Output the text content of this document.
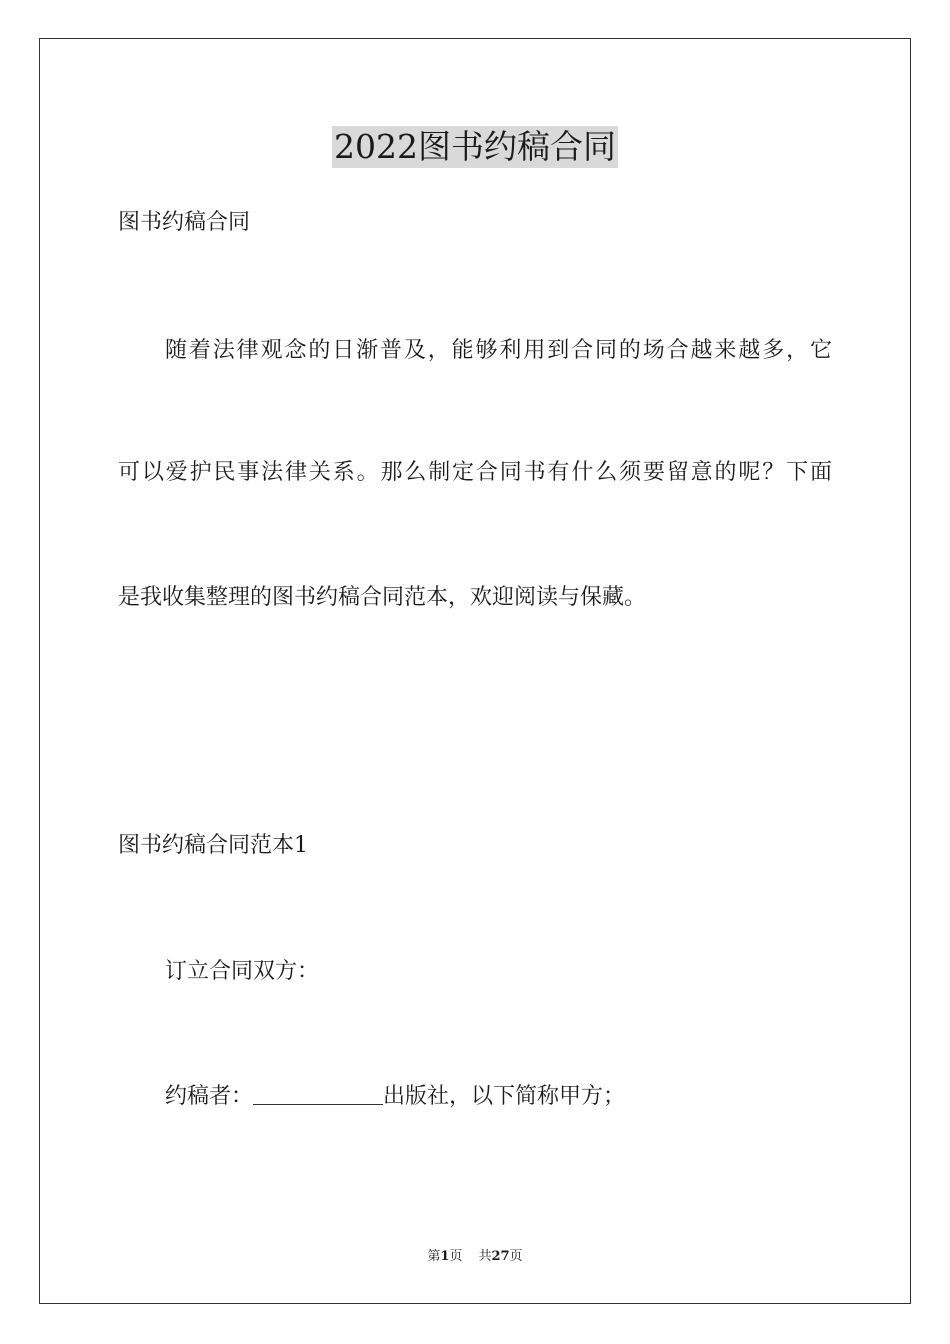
2022图书约稿合同
图书约稿合同
随着法律观念的日渐普及，能够利用到合同的场合越来越多，它
可以爱护民事法律关系。那么制定合同书有什么须要留意的呢？下面
是我收集整理的图书约稿合同范本，欢迎阅读与保藏。
图书约稿合同范本1
订立合同双方：
约稿者：	出版社，以下简称甲方；
第1页 共27页
